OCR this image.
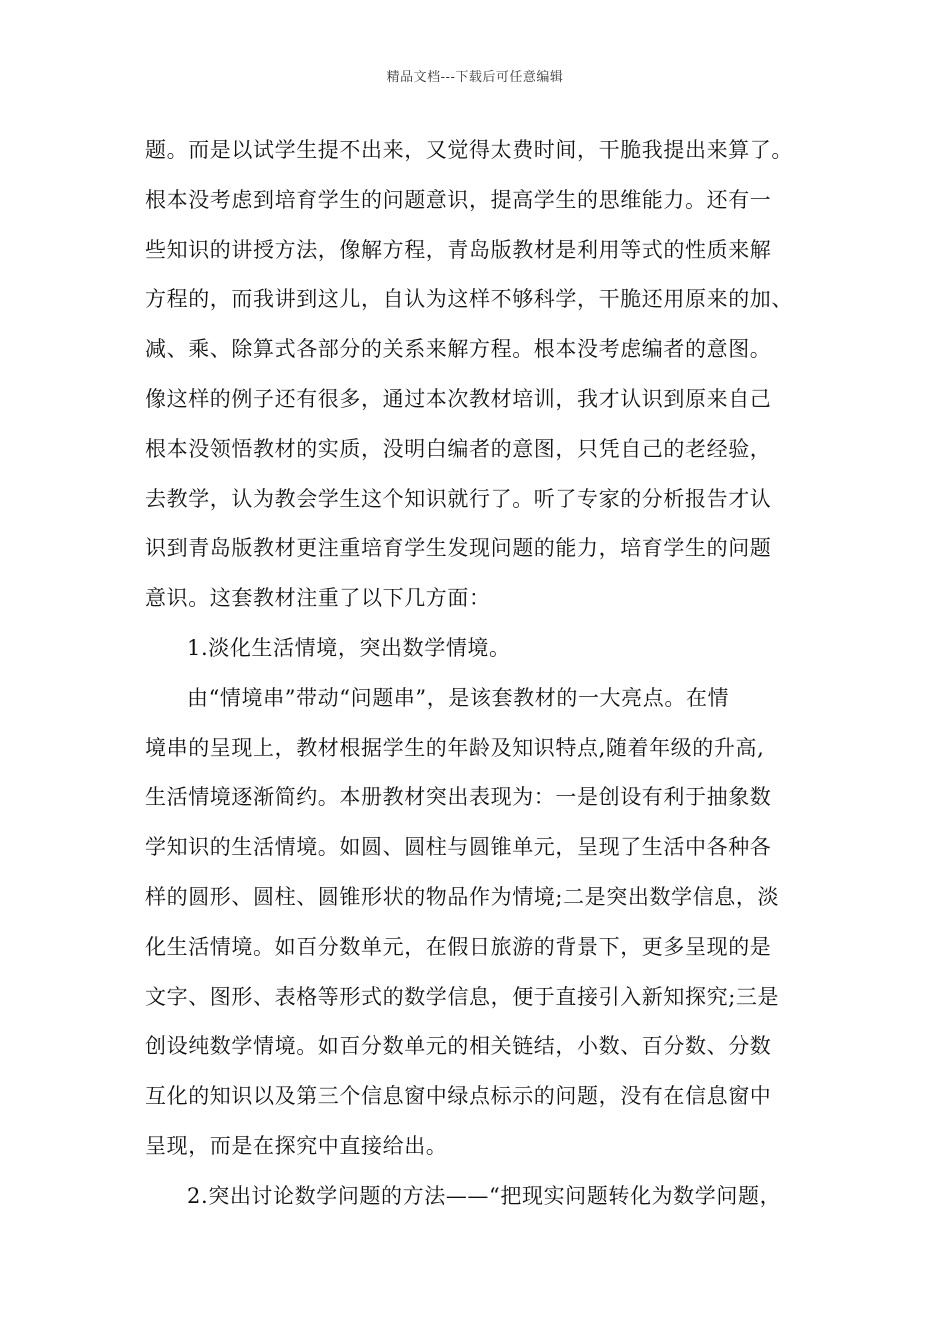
精品文档---下载后可任意编辑
题。而是以试学生提不出来，又觉得太费时间，干脆我提出来算了。
根本没考虑到培育学生的问题意识，提高学生的思维能力。还有一
些知识的讲授方法，像解方程，青岛版教材是利用等式的性质来解
方程的，而我讲到这儿，自认为这样不够科学，干脆还用原来的加、
减、乘、除算式各部分的关系来解方程。根本没考虑编者的意图。
像这样的例子还有很多，通过本次教材培训，我才认识到原来自己
根本没领悟教材的实质，没明白编者的意图，只凭自己的老经验，
去教学，认为教会学生这个知识就行了。听了专家的分析报告才认
识到青岛版教材更注重培育学生发现问题的能力，培育学生的问题
意识。这套教材注重了以下几方面：
1.淡化生活情境，突出数学情境。
由“情境串”带动“问题串”，是该套教材的一大亮点。在情
境串的呈现上，教材根据学生的年龄及知识特点,随着年级的升高,
生活情境逐渐简约。本册教材突出表现为：一是创设有利于抽象数
学知识的生活情境。如圆、圆柱与圆锥单元，呈现了生活中各种各
样的圆形、圆柱、圆锥形状的物品作为情境;二是突出数学信息，淡
化生活情境。如百分数单元，在假日旅游的背景下，更多呈现的是
文字、图形、表格等形式的数学信息，便于直接引入新知探究;三是
创设纯数学情境。如百分数单元的相关链结，小数、百分数、分数
互化的知识以及第三个信息窗中绿点标示的问题，没有在信息窗中
呈现，而是在探究中直接给出。
2.突出讨论数学问题的方法——“把现实问题转化为数学问题，
